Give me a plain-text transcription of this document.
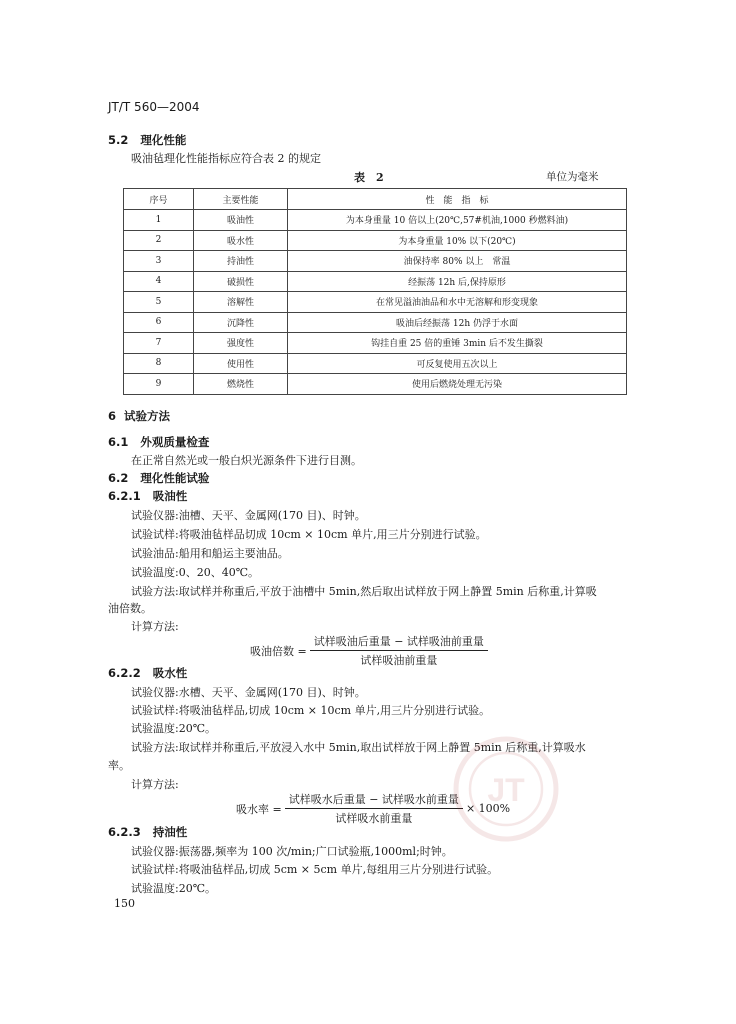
JT/T 560—2004
5.2 理化性能
吸油毡理化性能指标应符合表 2 的规定
表　2	单位为毫米
序号	主要性能	性　能　指　标
1	吸油性	为本身重量 10 倍以上(20℃,57#机油,1000 秒燃料油)
2	吸水性	为本身重量 10% 以下(20℃)
3	持油性	油保持率 80% 以上　常温
4	破损性	经振荡 12h 后,保持原形
5	溶解性	在常见溢油油品和水中无溶解和形变现象
6	沉降性	吸油后经振荡 12h 仍浮于水面
7	强度性	钩挂自重 25 倍的重锤 3min 后不发生撕裂
8	使用性	可反复使用五次以上
9	燃烧性	使用后燃烧处理无污染
6 试验方法
6.1 外观质量检查
在正常自然光或一般白炽光源条件下进行目测。
6.2 理化性能试验
6.2.1 吸油性
试验仪器:油槽、天平、金属网(170 目)、时钟。
试验试样:将吸油毡样品切成 10cm × 10cm 单片,用三片分别进行试验。
试验油品:船用和船运主要油品。
试验温度:0、20、40℃。
试验方法:取试样并称重后,平放于油槽中 5min,然后取出试样放于网上静置 5min 后称重,计算吸
油倍数。
计算方法:
吸油倍数 = $\frac{\text{试样吸油后重量 − 试样吸油前重量}}{\text{试样吸油前重量}}$
6.2.2 吸水性
试验仪器:水槽、天平、金属网(170 目)、时钟。
试验试样:将吸油毡样品,切成 10cm × 10cm 单片,用三片分别进行试验。
试验温度:20℃。
试验方法:取试样并称重后,平放浸入水中 5min,取出试样放于网上静置 5min 后称重,计算吸水
率。
计算方法:
吸水率 = $\frac{\text{试样吸水后重量 − 试样吸水前重量}}{\text{试样吸水前重量}} \times 100\%$
6.2.3 持油性
试验仪器:振荡器,频率为 100 次/min;广口试验瓶,1000ml;时钟。
试验试样:将吸油毡样品,切成 5cm × 5cm 单片,每组用三片分别进行试验。
试验温度:20℃。
150
JT
